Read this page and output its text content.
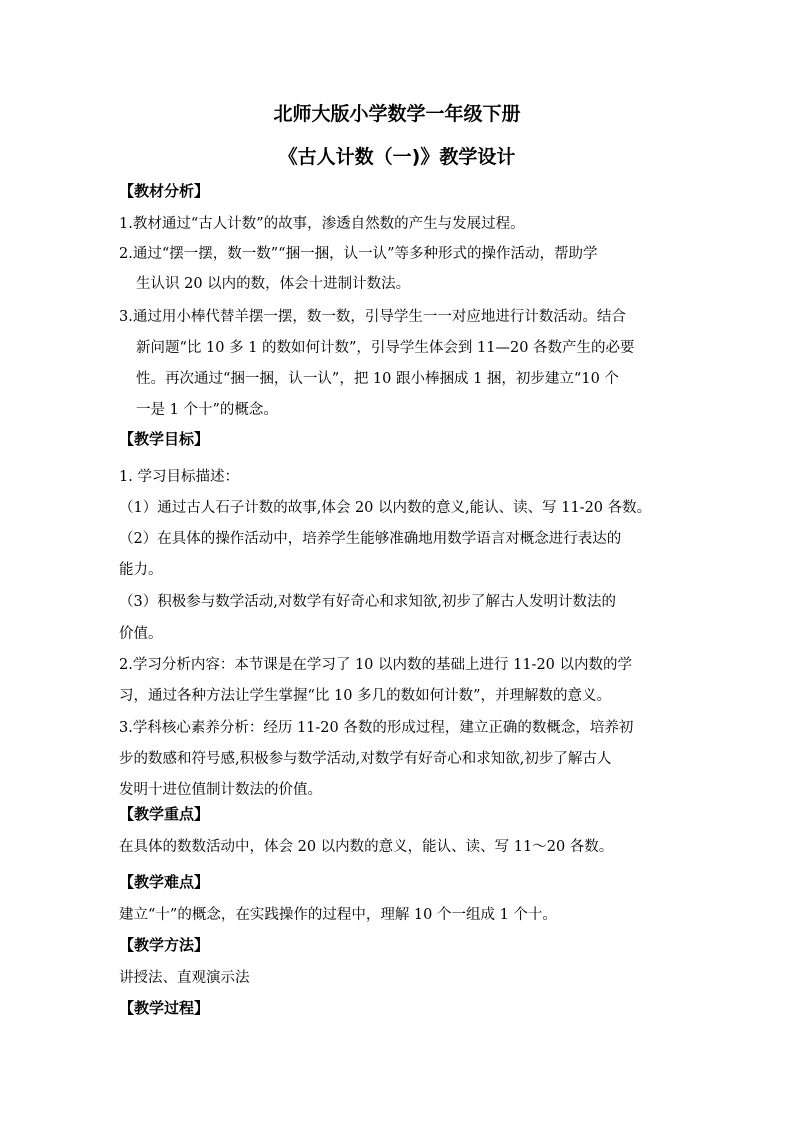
北师大版小学数学一年级下册
《古人计数（一)》教学设计
【教材分析】
1.教材通过“古人计数”的故事，渗透自然数的产生与发展过程。
2.通过“摆一摆，数一数”“捆一捆，认一认”等多种形式的操作活动，帮助学
生认识 20 以内的数，体会十进制计数法。
3.通过用小棒代替羊摆一摆，数一数，引导学生一一对应地进行计数活动。结合
新问题“比 10 多 1 的数如何计数”，引导学生体会到 11—20 各数产生的必要
性。再次通过“捆一捆，认一认”，把 10 跟小棒捆成 1 捆，初步建立“10 个
一是 1 个十”的概念。
【教学目标】
1. 学习目标描述：
（1）通过古人石子计数的故事,体会 20 以内数的意义,能认、读、写 11-20 各数。
（2）在具体的操作活动中，培养学生能够准确地用数学语言对概念进行表达的
能力。
（3）积极参与数学活动,对数学有好奇心和求知欲,初步了解古人发明计数法的
价值。
2.学习分析内容：本节课是在学习了 10 以内数的基础上进行 11-20 以内数的学
习，通过各种方法让学生掌握“比 10 多几的数如何计数”，并理解数的意义。
3.学科核心素养分析：经历 11-20 各数的形成过程，建立正确的数概念，培养初
步的数感和符号感,积极参与数学活动,对数学有好奇心和求知欲,初步了解古人
发明十进位值制计数法的价值。
【教学重点】
在具体的数数活动中，体会 20 以内数的意义，能认、读、写 11～20 各数。
【教学难点】
建立“十”的概念，在实践操作的过程中，理解 10 个一组成 1 个十。
【教学方法】
讲授法、直观演示法
【教学过程】
